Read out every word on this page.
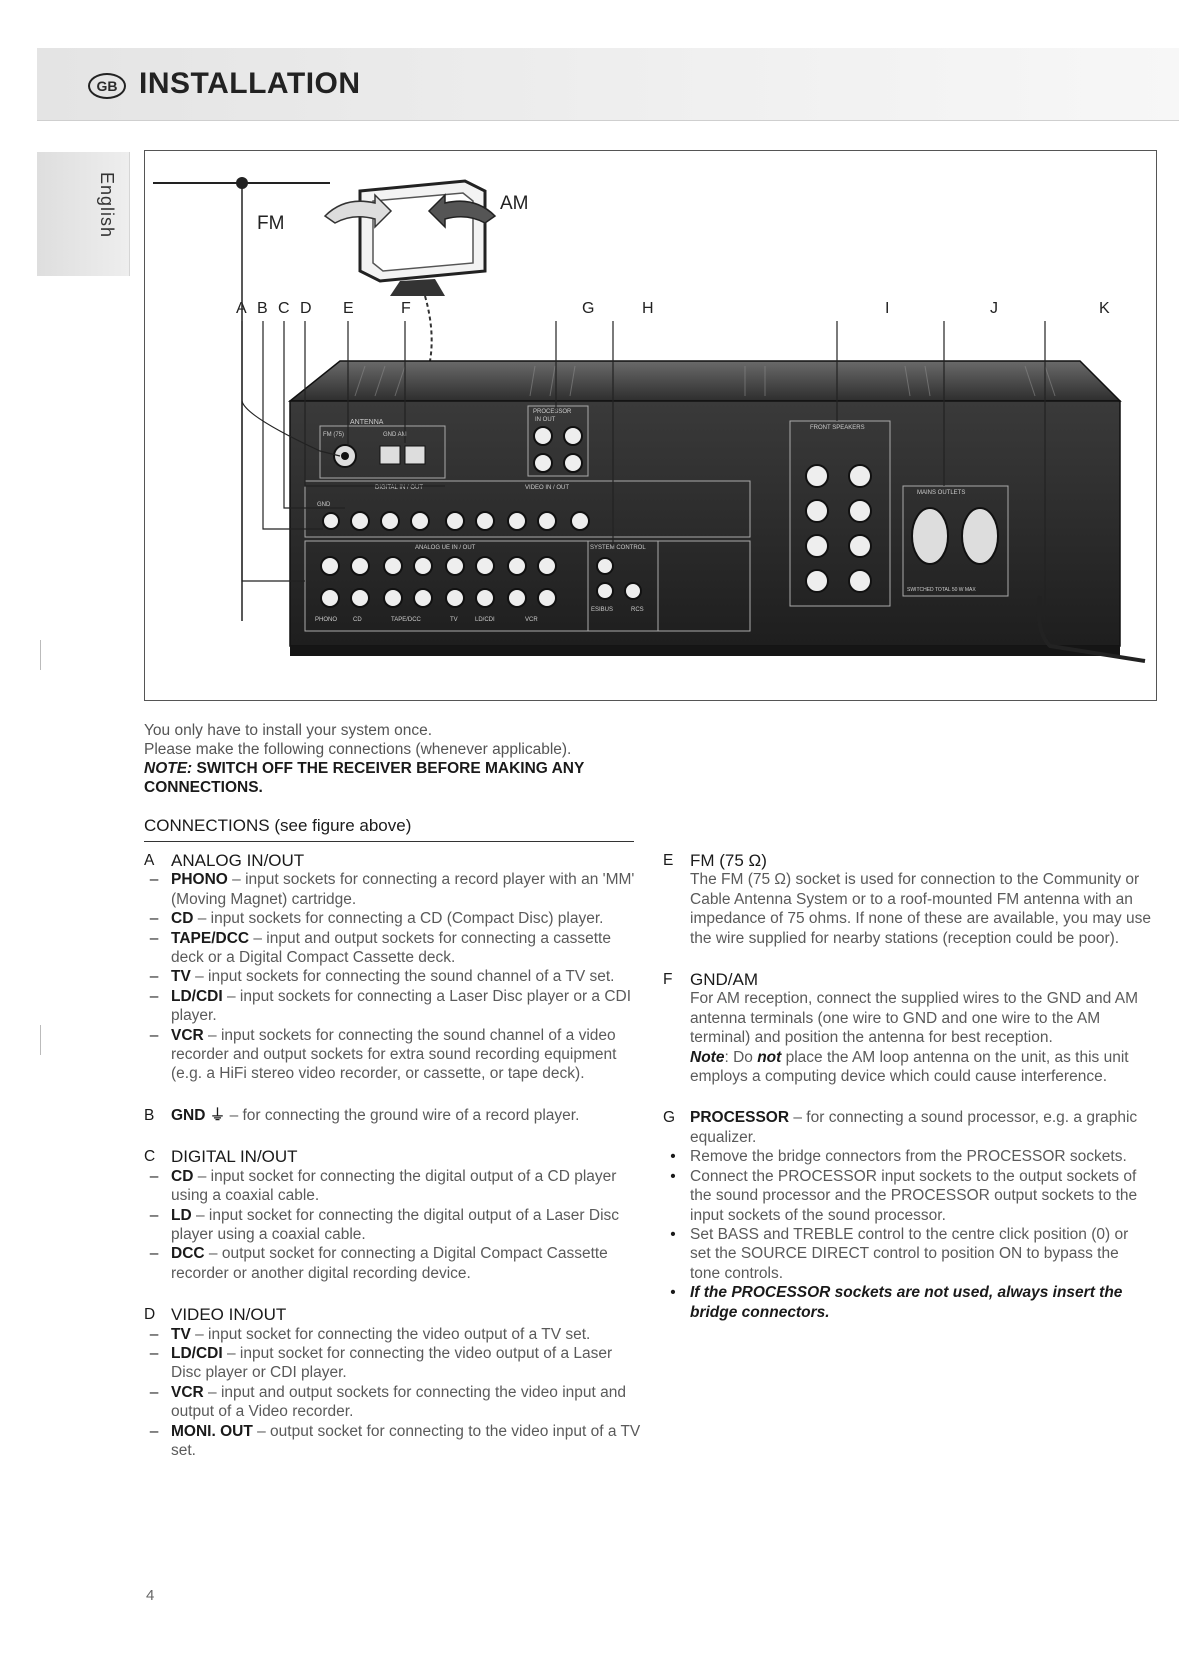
GB INSTALLATION
English	FM
AM
A B C D E	F	G	H	I	J	K
ANTENNA
FM (75)	GND AM
DIGITAL IN / OUT	VIDEO IN / OUT
GND
ANALOG UE IN / OUT
PHONO	CD	TAPE/DCC	TV	LD/CDI	VCR
PROCESSOR
IN OUT
SYSTEM CONTROL
ESIBUS	RCS
FRONT SPEAKERS
MAINS OUTLETS
SWITCHED TOTAL 50 W MAX
You only have to install your system once.
Please make the following connections (whenever applicable).
NOTE: SWITCH OFF THE RECEIVER BEFORE MAKING ANY CONNECTIONS.
CONNECTIONS (see figure above)
A ANALOG IN/OUT
– PHONO – input sockets for connecting a record player with an 'MM' (Moving Magnet) cartridge.
– CD – input sockets for connecting a CD (Compact Disc) player.
– TAPE/DCC – input and output sockets for connecting a cassette deck or a Digital Compact Cassette deck.
– TV – input sockets for connecting the sound channel of a TV set.
– LD/CDI – input sockets for connecting a Laser Disc player or a CDI player.
– VCR – input sockets for connecting the sound channel of a video recorder and output sockets for extra sound recording equipment (e.g. a HiFi stereo video recorder, or cassette, or tape deck).
B GND ⏚ – for connecting the ground wire of a record player.
C DIGITAL IN/OUT
– CD – input socket for connecting the digital output of a CD player using a coaxial cable.
– LD – input socket for connecting the digital output of a Laser Disc player using a coaxial cable.
– DCC – output socket for connecting a Digital Compact Cassette recorder or another digital recording device.
D VIDEO IN/OUT
– TV – input socket for connecting the video output of a TV set.
– LD/CDI – input socket for connecting the video output of a Laser Disc player or CDI player.
– VCR – input and output sockets for connecting the video input and output of a Video recorder.
– MONI. OUT – output socket for connecting to the video input of a TV set.
E FM (75 Ω)
The FM (75 Ω) socket is used for connection to the Community or Cable Antenna System or to a roof-mounted FM antenna with an impedance of 75 ohms. If none of these are available, you may use the wire supplied for nearby stations (reception could be poor).
F GND/AM
For AM reception, connect the supplied wires to the GND and AM antenna terminals (one wire to GND and one wire to the AM terminal) and position the antenna for best reception.
Note: Do not place the AM loop antenna on the unit, as this unit employs a computing device which could cause interference.
G PROCESSOR – for connecting a sound processor, e.g. a graphic equalizer.
• Remove the bridge connectors from the PROCESSOR sockets.
• Connect the PROCESSOR input sockets to the output sockets of the sound processor and the PROCESSOR output sockets to the input sockets of the sound processor.
• Set BASS and TREBLE control to the centre click position (0) or set the SOURCE DIRECT control to position ON to bypass the tone controls.
• If the PROCESSOR sockets are not used, always insert the bridge connectors.
4
